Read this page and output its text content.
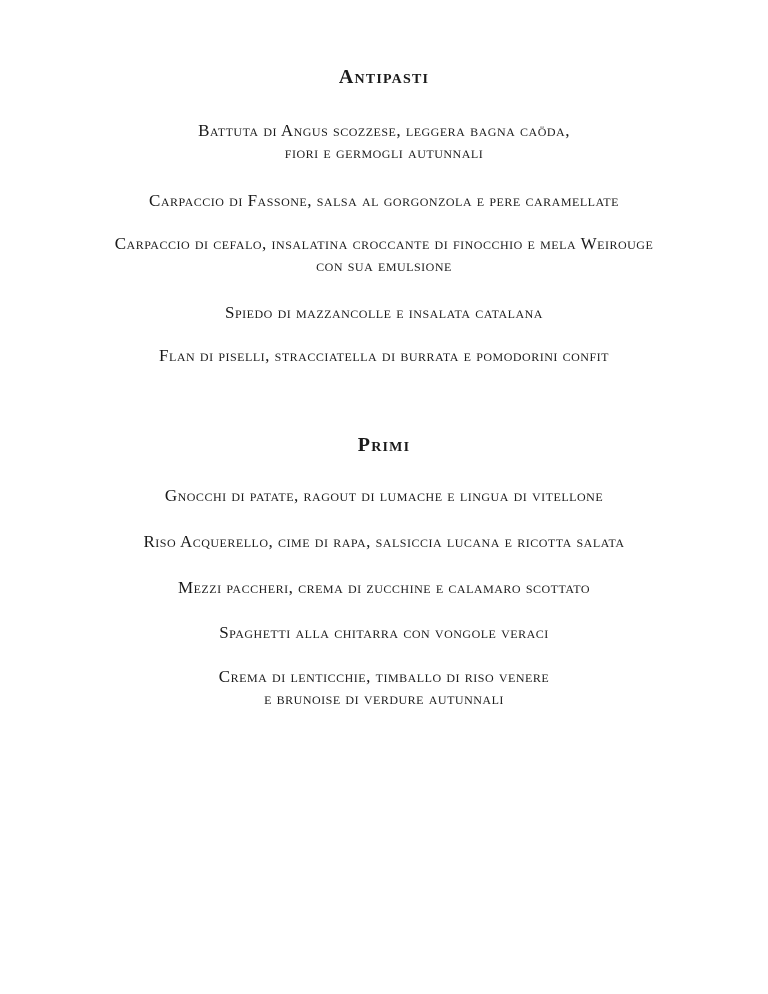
Antipasti

Battuta di Angus scozzese, leggera bagna caöda,
fiori e germogli autunnali

Carpaccio di Fassone, salsa al gorgonzola e pere caramellate

Carpaccio di cefalo, insalatina croccante di finocchio e mela Weirouge
con sua emulsione

Spiedo di mazzancolle e insalata catalana

Flan di piselli, stracciatella di burrata e pomodorini confit

Primi

Gnocchi di patate, ragout di lumache e lingua di vitellone

Riso Acquerello, cime di rapa, salsiccia lucana e ricotta salata

Mezzi paccheri, crema di zucchine e calamaro scottato

Spaghetti alla chitarra con vongole veraci

Crema di lenticchie, timballo di riso venere
e brunoise di verdure autunnali
